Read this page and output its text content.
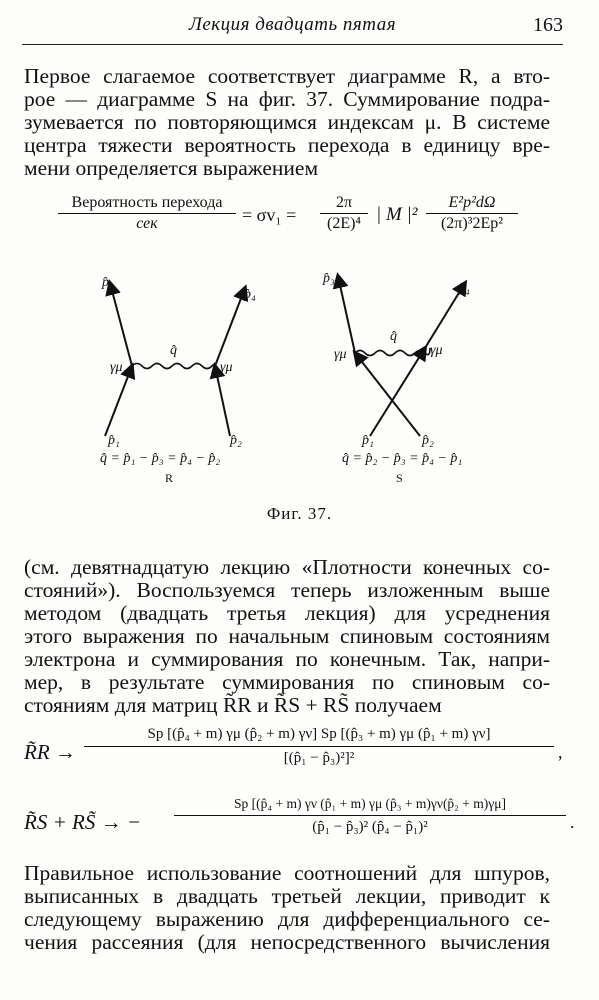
Лекция двадцать пятая	163
Первое слагаемое соответствует диаграмме R, а вто-
рое — диаграмме S на фиг. 37. Суммирование подра-
зумевается по повторяющимся индексам μ. В системе
центра тяжести вероятность перехода в единицу вре-
мени определяется выражением
Вероятность перехода
сек	= $\sigma v_1 = \frac{2\pi}{\text{(2E)⁴}}$ | M $|^2 \frac{\text{E²p²dΩ}}{\text{(2π)³2Ep²}}$
p̂₃
p̂₄
p̂₁	p̂₂
q̂
γμ	γμ
q̂ = p̂₁ − p̂₃ = p̂₄ − p̂₂
R
p̂₃
p̂₄
p̂₁	p̂₂
q̂
γμ	γμ
q̂ = p̂₂ − p̂₃ = p̂₄ − p̂₁
S
Фиг. 37.
(см. девятнадцатую лекцию «Плотности конечных со-
стояний»). Воспользуемся теперь изложенным выше
методом (двадцать третья лекция) для усреднения
этого выражения по начальным спиновым состояниям
электрона и суммирования по конечным. Так, напри-
мер, в результате суммирования по спиновым со-
стояниям для матриц R̃R и R̃S + RS̃ получаем
R̃R →
Sp [(p̂₄ + m) γμ (p̂₂ + m) γν] Sp [(p̂₃ + m) γμ (p̂₁ + m) γν]
[(p̂₁ − p̂₃)²]²	,
R̃S + RS̃ → − $\frac{\text{Sp [(p̂₄ + m) γν (p̂₁ + m) γμ (p̂₃ + m)γν(p̂₂ + m)γμ]}}{\text{(p̂₁ − p̂₃)² (p̂₄ − p̂₁)²}}$ .
Правильное использование соотношений для шпуров,
выписанных в двадцать третьей лекции, приводит к
следующему выражению для дифференциального се-
чения рассеяния (для непосредственного вычисления
